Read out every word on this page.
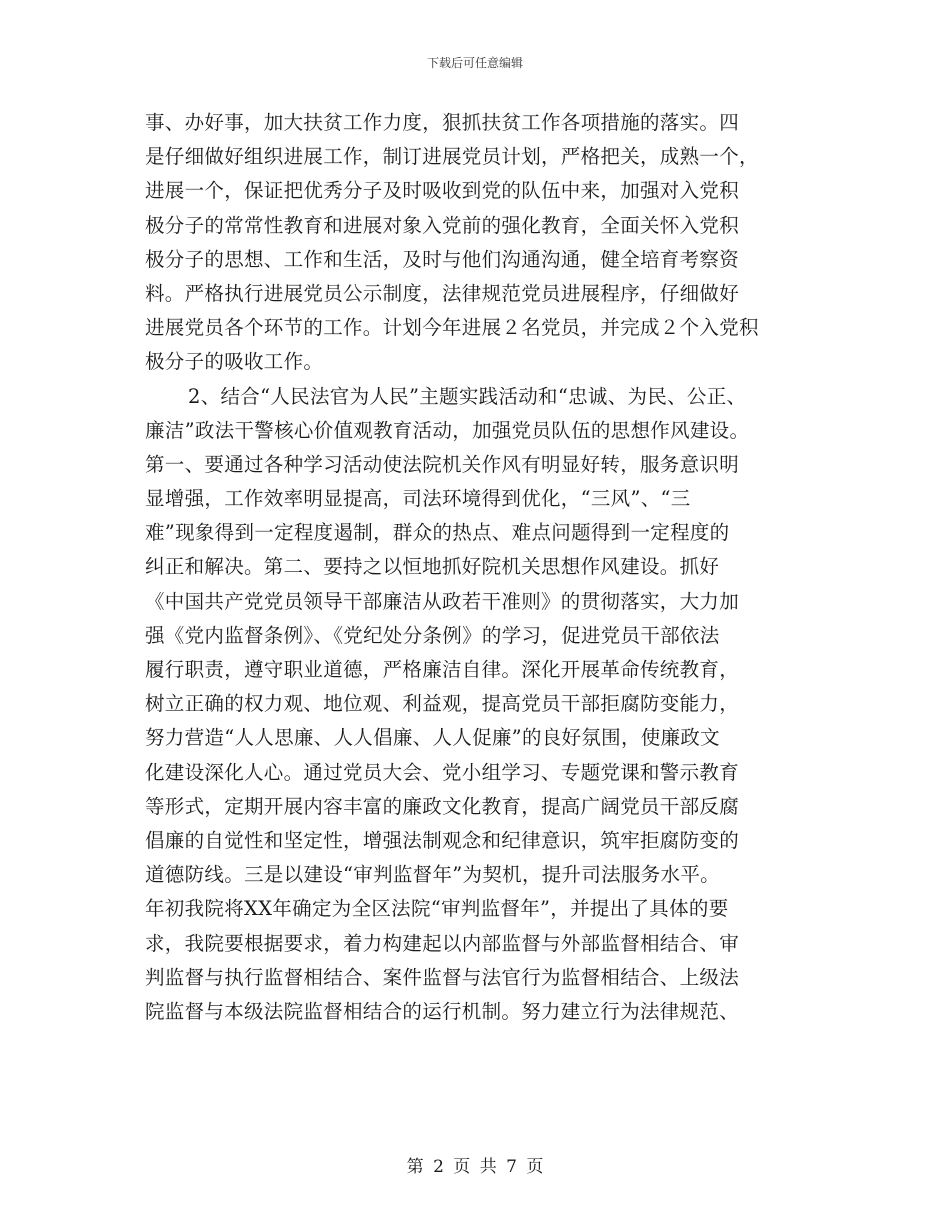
下载后可任意编辑
事、办好事，加大扶贫工作力度，狠抓扶贫工作各项措施的落实。四
是仔细做好组织进展工作，制订进展党员计划，严格把关，成熟一个，
进展一个，保证把优秀分子及时吸收到党的队伍中来，加强对入党积
极分子的常常性教育和进展对象入党前的强化教育，全面关怀入党积
极分子的思想、工作和生活，及时与他们沟通沟通，健全培育考察资
料。严格执行进展党员公示制度，法律规范党员进展程序，仔细做好
进展党员各个环节的工作。计划今年进展２名党员，并完成２个入党积
极分子的吸收工作。
2、结合“人民法官为人民”主题实践活动和“忠诚、为民、公正、
廉洁”政法干警核心价值观教育活动，加强党员队伍的思想作风建设。
第一、要通过各种学习活动使法院机关作风有明显好转，服务意识明
显增强，工作效率明显提高，司法环境得到优化，“三风”、“三
难”现象得到一定程度遏制，群众的热点、难点问题得到一定程度的
纠正和解决。第二、要持之以恒地抓好院机关思想作风建设。抓好
《中国共产党党员领导干部廉洁从政若干准则》的贯彻落实，大力加
强《党内监督条例》、《党纪处分条例》的学习，促进党员干部依法
履行职责，遵守职业道德，严格廉洁自律。深化开展革命传统教育，
树立正确的权力观、地位观、利益观，提高党员干部拒腐防变能力，
努力营造“人人思廉、人人倡廉、人人促廉”的良好氛围，使廉政文
化建设深化人心。通过党员大会、党小组学习、专题党课和警示教育
等形式，定期开展内容丰富的廉政文化教育，提高广阔党员干部反腐
倡廉的自觉性和坚定性，增强法制观念和纪律意识，筑牢拒腐防变的
道德防线。三是以建设“审判监督年”为契机，提升司法服务水平。
年初我院将XX年确定为全区法院“审判监督年”，并提出了具体的要
求，我院要根据要求，着力构建起以内部监督与外部监督相结合、审
判监督与执行监督相结合、案件监督与法官行为监督相结合、上级法
院监督与本级法院监督相结合的运行机制。努力建立行为法律规范、
第 2 页 共 7 页
